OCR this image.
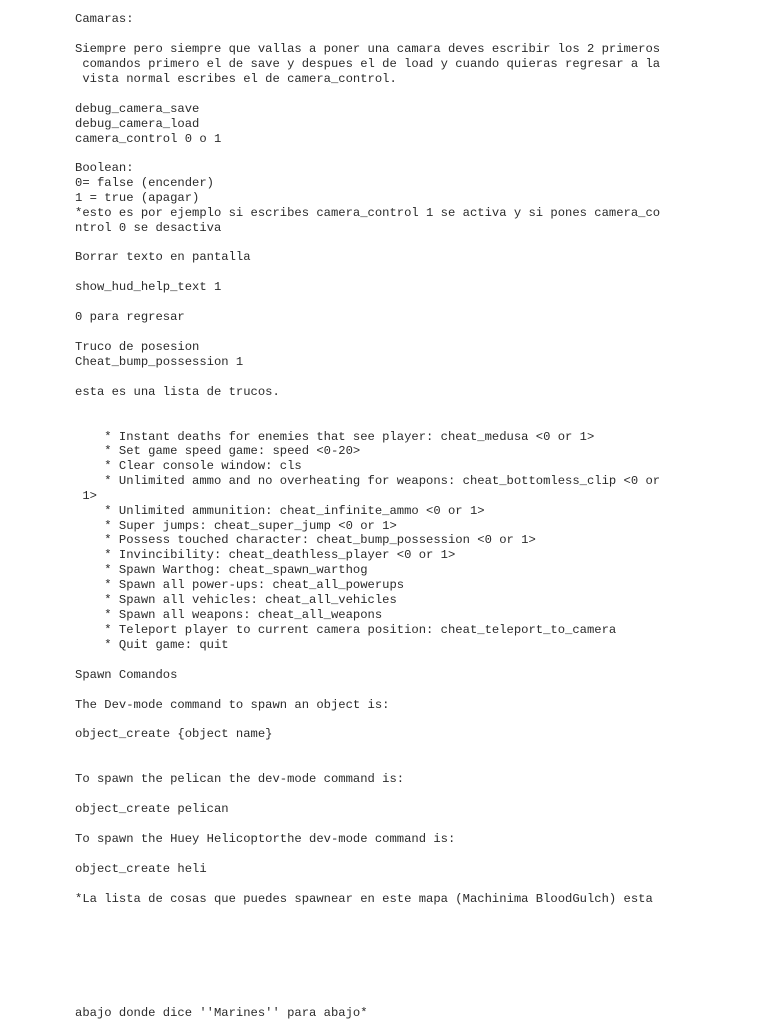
Camaras:

Siempre pero siempre que vallas a poner una camara deves escribir los 2 primeros

comandos primero el de save y despues el de load y cuando quieras regresar a la

vista normal escribes el de camera_control.

debug_camera_save

debug_camera_load

camera_control 0 o 1

Boolean:

0= false (encender)

1 = true (apagar)

*esto es por ejemplo si escribes camera_control 1 se activa y si pones camera_co

ntrol 0 se desactiva

Borrar texto en pantalla

show_hud_help_text 1

0 para regresar

Truco de posesion

Cheat_bump_possession 1

esta es una lista de trucos.

* Instant deaths for enemies that see player: cheat_medusa <0 or 1>

* Set game speed game: speed <0-20>

* Clear console window: cls

* Unlimited ammo and no overheating for weapons: cheat_bottomless_clip <0 or

1>

* Unlimited ammunition: cheat_infinite_ammo <0 or 1>

* Super jumps: cheat_super_jump <0 or 1>

* Possess touched character: cheat_bump_possession <0 or 1>

* Invincibility: cheat_deathless_player <0 or 1>

* Spawn Warthog: cheat_spawn_warthog

* Spawn all power-ups: cheat_all_powerups

* Spawn all vehicles: cheat_all_vehicles

* Spawn all weapons: cheat_all_weapons

* Teleport player to current camera position: cheat_teleport_to_camera

* Quit game: quit

Spawn Comandos

The Dev-mode command to spawn an object is:

object_create {object name}

To spawn the pelican the dev-mode command is:

object_create pelican

To spawn the Huey Helicoptorthe dev-mode command is:

object_create heli

*La lista de cosas que puedes spawnear en este mapa (Machinima BloodGulch) esta

abajo donde dice ''Marines'' para abajo*
